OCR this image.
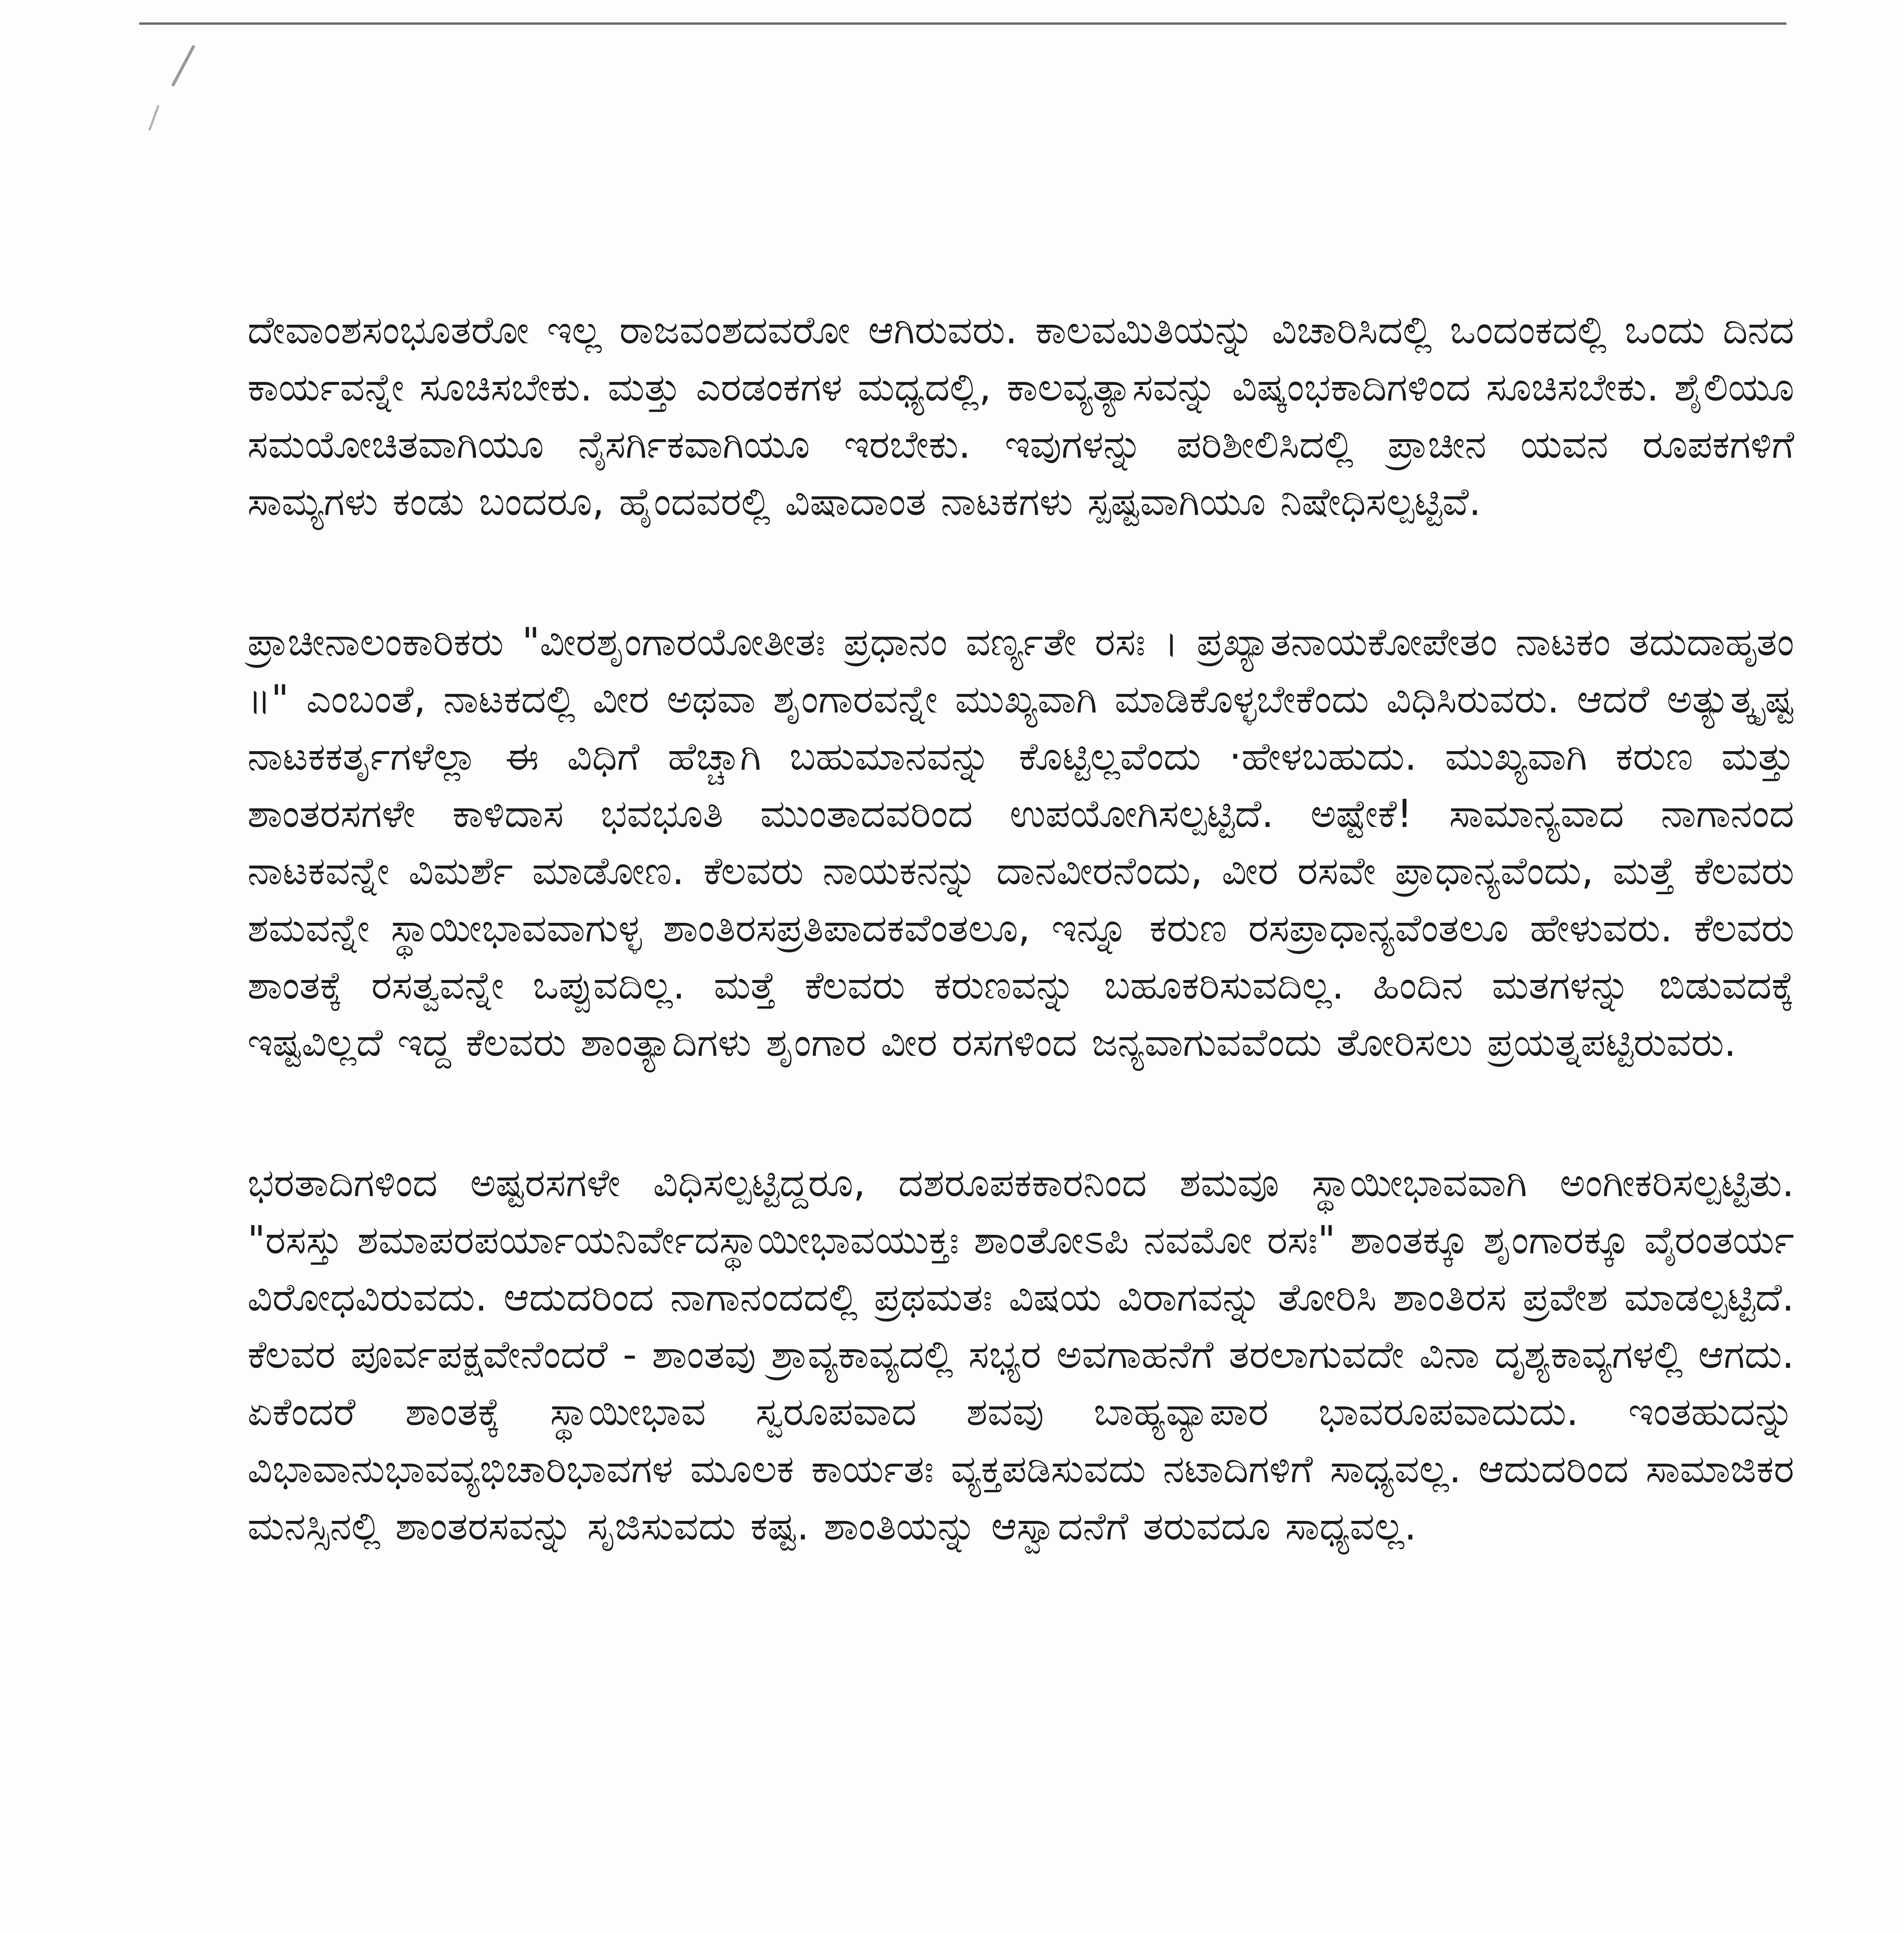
ದೇವಾಂಶಸಂಭೂತರೋ ಇಲ್ಲ ರಾಜವಂಶದವರೋ ಆಗಿರುವರು. ಕಾಲವಮಿತಿಯನ್ನು ವಿಚಾರಿಸಿದಲ್ಲಿ ಒಂದಂಕದಲ್ಲಿ ಒಂದು ದಿನದ ಕಾರ್ಯವನ್ನೇ ಸೂಚಿಸಬೇಕು. ಮತ್ತು ಎರಡಂಕಗಳ ಮಧ್ಯದಲ್ಲಿ, ಕಾಲವ್ಯತ್ಯಾಸವನ್ನು ವಿಷ್ಕಂಭಕಾದಿಗಳಿಂದ ಸೂಚಿಸಬೇಕು. ಶೈಲಿಯೂ ಸಮಯೋಚಿತವಾಗಿಯೂ ನೈಸರ್ಗಿಕವಾಗಿಯೂ ಇರಬೇಕು. ಇವುಗಳನ್ನು ಪರಿಶೀಲಿಸಿದಲ್ಲಿ ಪ್ರಾಚೀನ ಯವನ ರೂಪಕಗಳಿಗೆ ಸಾಮ್ಯಗಳು ಕಂಡು ಬಂದರೂ, ಹೈಂದವರಲ್ಲಿ ವಿಷಾದಾಂತ ನಾಟಕಗಳು ಸ್ಪಷ್ಟವಾಗಿಯೂ ನಿಷೇಧಿಸಲ್ಪಟ್ಟಿವೆ.

ಪ್ರಾಚೀನಾಲಂಕಾರಿಕರು "ವೀರಶೃಂಗಾರಯೋತೀತಃ ಪ್ರಧಾನಂ ವರ್ಣ್ಯತೇ ರಸಃ । ಪ್ರಖ್ಯಾತನಾಯಕೋಪೇತಂ ನಾಟಕಂ ತದುದಾಹೃತಂ ॥" ಎಂಬಂತೆ, ನಾಟಕದಲ್ಲಿ ವೀರ ಅಥವಾ ಶೃಂಗಾರವನ್ನೇ ಮುಖ್ಯವಾಗಿ ಮಾಡಿಕೊಳ್ಳಬೇಕೆಂದು ವಿಧಿಸಿರುವರು. ಆದರೆ ಅತ್ಯುತ್ಕೃಷ್ಟ ನಾಟಕಕರ್ತೃಗಳೆಲ್ಲಾ ಈ ವಿಧಿಗೆ ಹೆಚ್ಚಾಗಿ ಬಹುಮಾನವನ್ನು ಕೊಟ್ಟಿಲ್ಲವೆಂದು ·ಹೇಳಬಹುದು. ಮುಖ್ಯವಾಗಿ ಕರುಣ ಮತ್ತು ಶಾಂತರಸಗಳೇ ಕಾಳಿದಾಸ ಭವಭೂತಿ ಮುಂತಾದವರಿಂದ ಉಪಯೋಗಿಸಲ್ಪಟ್ಟಿದೆ. ಅಷ್ಟೇಕೆ! ಸಾಮಾನ್ಯವಾದ ನಾಗಾನಂದ ನಾಟಕವನ್ನೇ ವಿಮರ್ಶೆ ಮಾಡೋಣ. ಕೆಲವರು ನಾಯಕನನ್ನು ದಾನವೀರನೆಂದು, ವೀರ ರಸವೇ ಪ್ರಾಧಾನ್ಯವೆಂದು, ಮತ್ತೆ ಕೆಲವರು ಶಮವನ್ನೇ ಸ್ಥಾಯೀಭಾವವಾಗುಳ್ಳ ಶಾಂತಿರಸಪ್ರತಿಪಾದಕವೆಂತಲೂ, ಇನ್ನೂ ಕರುಣ ರಸಪ್ರಾಧಾನ್ಯವೆಂತಲೂ ಹೇಳುವರು. ಕೆಲವರು ಶಾಂತಕ್ಕೆ ರಸತ್ವವನ್ನೇ ಒಪ್ಪುವದಿಲ್ಲ. ಮತ್ತೆ ಕೆಲವರು ಕರುಣವನ್ನು ಬಹೂಕರಿಸುವದಿಲ್ಲ. ಹಿಂದಿನ ಮತಗಳನ್ನು ಬಿಡುವದಕ್ಕೆ ಇಷ್ಟವಿಲ್ಲದೆ ಇದ್ದ ಕೆಲವರು ಶಾಂತ್ಯಾದಿಗಳು ಶೃಂಗಾರ ವೀರ ರಸಗಳಿಂದ ಜನ್ಯವಾಗುವವೆಂದು ತೋರಿಸಲು ಪ್ರಯತ್ನಪಟ್ಟಿರುವರು.

ಭರತಾದಿಗಳಿಂದ ಅಷ್ಟರಸಗಳೇ ವಿಧಿಸಲ್ಪಟ್ಟಿದ್ದರೂ, ದಶರೂಪಕಕಾರನಿಂದ ಶಮವೂ ಸ್ಥಾಯೀಭಾವವಾಗಿ ಅಂಗೀಕರಿಸಲ್ಪಟ್ಟಿತು. "ರಸಸ್ತು ಶಮಾಪರಪರ್ಯಾಯನಿರ್ವೇದಸ್ಥಾಯೀಭಾವಯುಕ್ತಃ ಶಾಂತೋಽಪಿ ನವಮೋ ರಸಃ" ಶಾಂತಕ್ಕೂ ಶೃಂಗಾರಕ್ಕೂ ವೈರಂತರ್ಯ ವಿರೋಧವಿರುವದು. ಆದುದರಿಂದ ನಾಗಾನಂದದಲ್ಲಿ ಪ್ರಥಮತಃ ವಿಷಯ ವಿರಾಗವನ್ನು ತೋರಿಸಿ ಶಾಂತಿರಸ ಪ್ರವೇಶ ಮಾಡಲ್ಪಟ್ಟಿದೆ. ಕೆಲವರ ಪೂರ್ವಪಕ್ಷವೇನೆಂದರೆ - ಶಾಂತವು ಶ್ರಾವ್ಯಕಾವ್ಯದಲ್ಲಿ ಸಭ್ಯರ ಅವಗಾಹನೆಗೆ ತರಲಾಗುವದೇ ವಿನಾ ದೃಶ್ಯಕಾವ್ಯಗಳಲ್ಲಿ ಆಗದು. ಏಕೆಂದರೆ ಶಾಂತಕ್ಕೆ ಸ್ಥಾಯೀಭಾವ ಸ್ವರೂಪವಾದ ಶವವು ಬಾಹ್ಯವ್ಯಾಪಾರ ಭಾವರೂಪವಾದುದು. ಇಂತಹುದನ್ನು ವಿಭಾವಾನುಭಾವವ್ಯಭಿಚಾರಿಭಾವಗಳ ಮೂಲಕ ಕಾರ್ಯತಃ ವ್ಯಕ್ತಪಡಿಸುವದು ನಟಾದಿಗಳಿಗೆ ಸಾಧ್ಯವಲ್ಲ. ಆದುದರಿಂದ ಸಾಮಾಜಿಕರ ಮನಸ್ಸಿನಲ್ಲಿ ಶಾಂತರಸವನ್ನು ಸೃಜಿಸುವದು ಕಷ್ಟ. ಶಾಂತಿಯನ್ನು ಆಸ್ವಾದನೆಗೆ ತರುವದೂ ಸಾಧ್ಯವಲ್ಲ.
